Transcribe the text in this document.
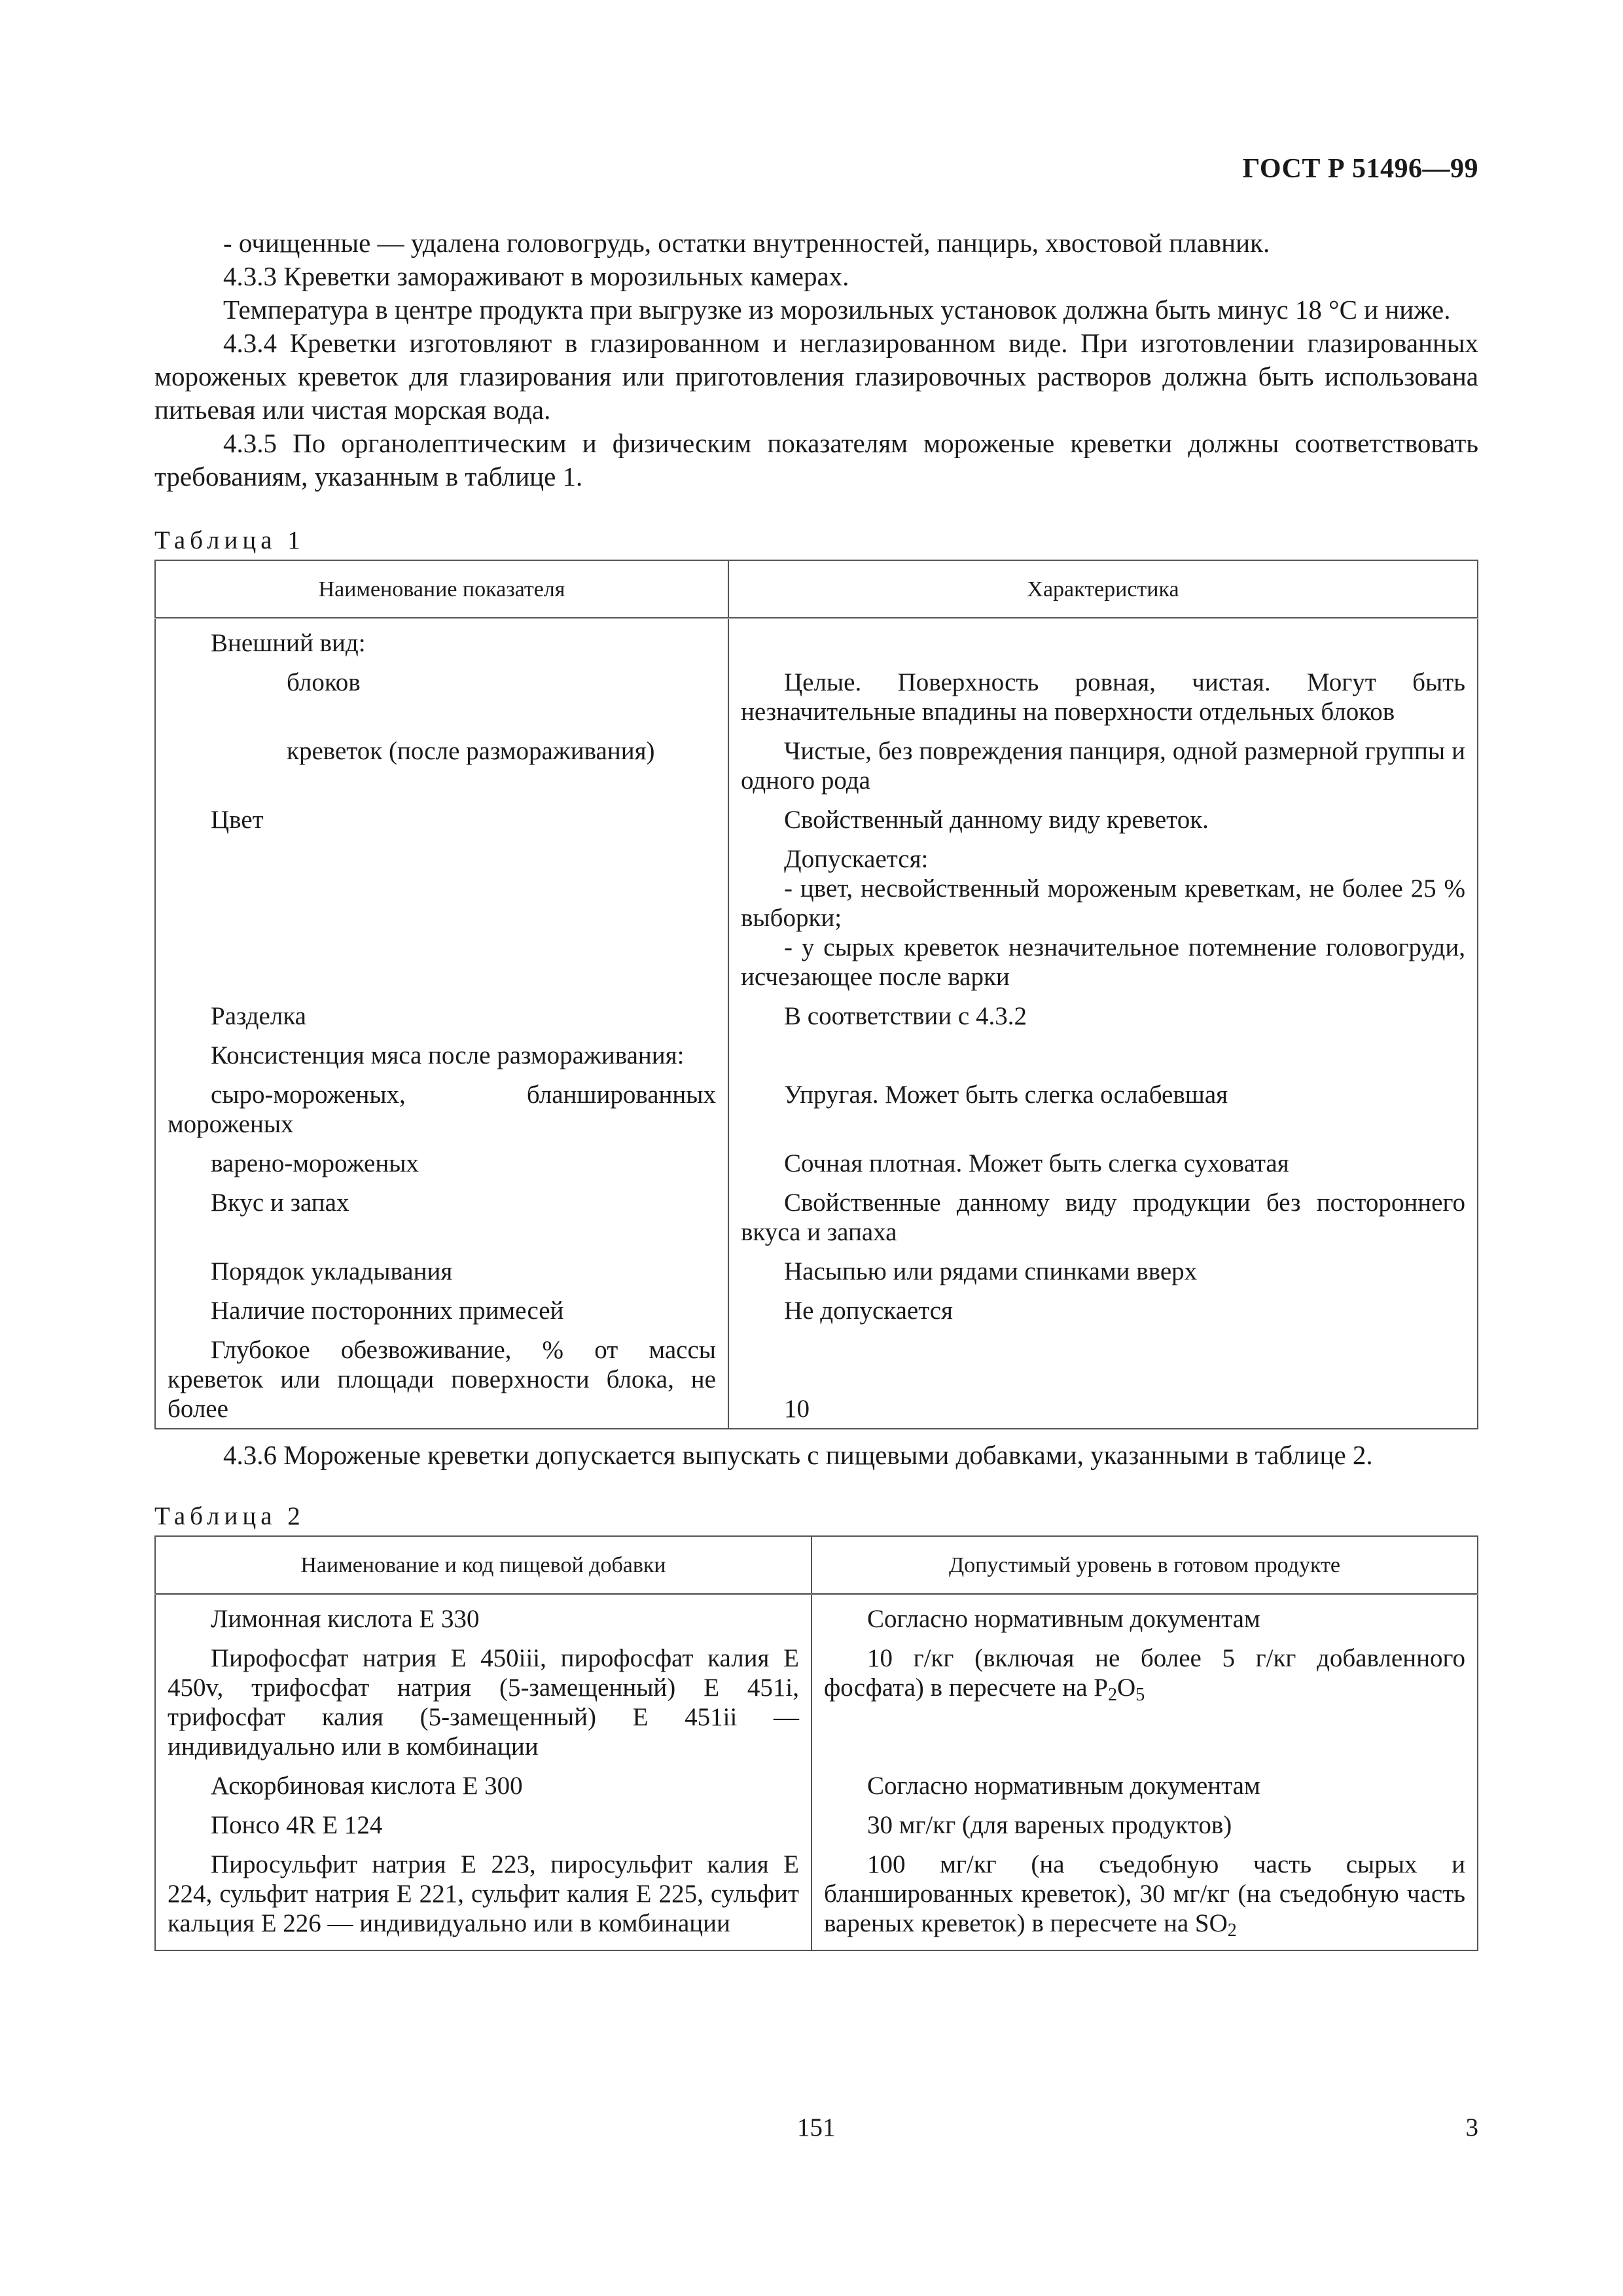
ГОСТ Р 51496—99

- очищенные — удалена головогрудь, остатки внутренностей, панцирь, хвостовой плавник.

4.3.3 Креветки замораживают в морозильных камерах.

Температура в центре продукта при выгрузке из морозильных установок должна быть минус 18 °С и ниже.

4.3.4 Креветки изготовляют в глазированном и неглазированном виде. При изготовлении глазированных мороженых креветок для глазирования или приготовления глазировочных растворов должна быть использована питьевая или чистая морская вода.

4.3.5 По органолептическим и физическим показателям мороженые креветки должны соответствовать требованиям, указанным в таблице 1.

Таблица 1

Наименование показателя	Характеристика
Внешний вид:	
блоков	Целые. Поверхность ровная, чистая. Могут быть незначительные впадины на поверхности отдельных блоков
креветок (после размораживания)	Чистые, без повреждения панциря, одной размерной группы и одного рода
Цвет	Свойственный данному виду креветок.
	Допускается:
	- цвет, несвойственный мороженым креветкам, не более 25 % выборки;
	- у сырых креветок незначительное потемнение головогруди, исчезающее после варки
Разделка	В соответствии с 4.3.2
Консистенция мяса после размораживания:	
сыро-мороженых, бланшированных мороженых	Упругая. Может быть слегка ослабевшая
варено-мороженых	Сочная плотная. Может быть слегка суховатая
Вкус и запах	Свойственные данному виду продукции без постороннего вкуса и запаха
Порядок укладывания	Насыпью или рядами спинками вверх
Наличие посторонних примесей	Не допускается
Глубокое обезвоживание, % от массы креветок или площади поверхности блока, не более	10

4.3.6 Мороженые креветки допускается выпускать с пищевыми добавками, указанными в таблице 2.

Таблица 2

Наименование и код пищевой добавки	Допустимый уровень в готовом продукте
Лимонная кислота Е 330	Согласно нормативным документам
Пирофосфат натрия Е 450iii, пирофосфат калия Е 450v, трифосфат натрия (5-замещенный) Е 451i, трифосфат калия (5-замещенный) Е 451ii — индивидуально или в комбинации	10 г/кг (включая не более 5 г/кг добавленного фосфата) в пересчете на $P_2O_5$
Аскорбиновая кислота Е 300	Согласно нормативным документам
Понсо 4R Е 124	30 мг/кг (для вареных продуктов)
Пиросульфит натрия Е 223, пиросульфит калия Е 224, сульфит натрия Е 221, сульфит калия Е 225, сульфит кальция Е 226 — индивидуально или в комбинации	100 мг/кг (на съедобную часть сырых и бланшированных креветок), 30 мг/кг (на съедобную часть вареных креветок) в пересчете на $SO_2$
151	3
